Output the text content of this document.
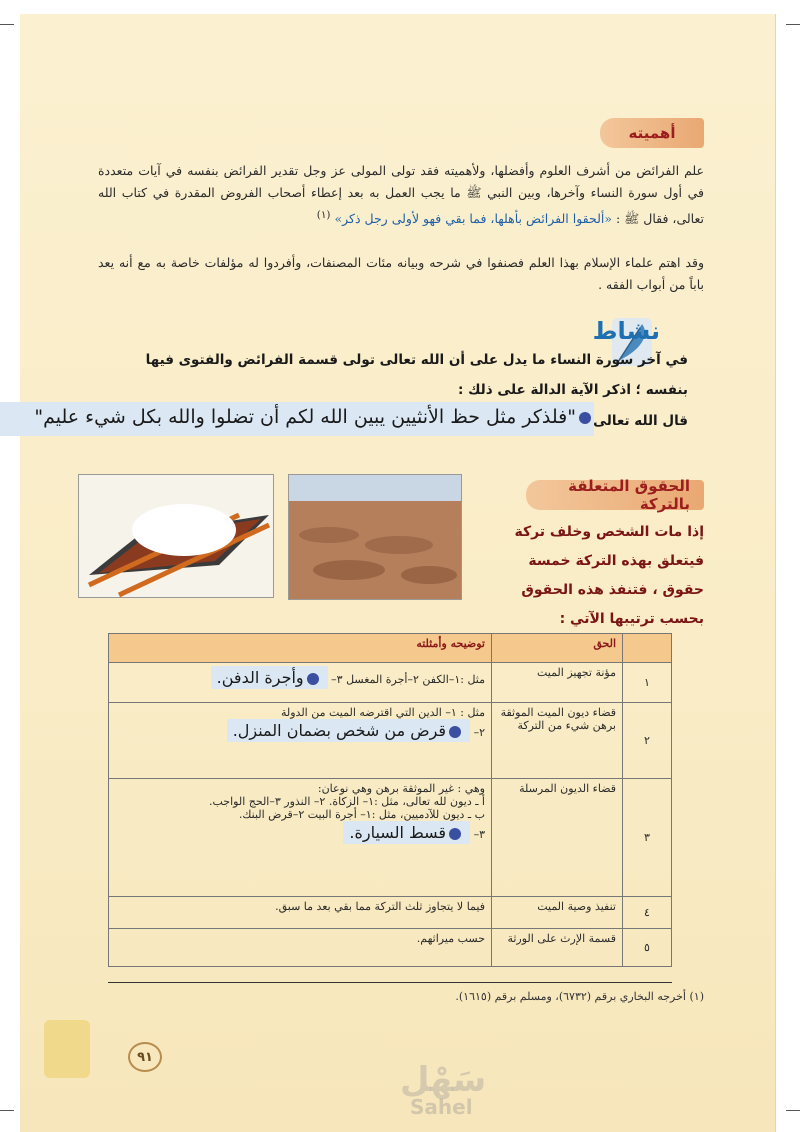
أهميته
علم الفرائض من أشرف العلوم وأفضلها، ولأهميته فقد تولى المولى عز وجل تقدير الفرائض بنفسه في آيات متعددة في أول سورة النساء وآخرها، وبين النبي ﷺ ما يجب العمل به بعد إعطاء أصحاب الفروض المقدرة في كتاب الله تعالى، فقال ﷺ : «ألحقوا الفرائض بأهلها، فما بقي فهو لأولى رجل ذكر» $^{(١)}$
وقد اهتم علماء الإسلام بهذا العلم فصنفوا في شرحه وبيانه مئات المصنفات، وأفردوا له مؤلفات خاصة به مع أنه يعد باباً من أبواب الفقه .
نشاط
في آخر سورة النساء ما يدل على أن الله تعالى تولى قسمة الفرائض والفتوى فيها
بنفسه ؛ اذكر الآية الدالة على ذلك :
قال الله تعالى
"فلذكر مثل حظ الأنثيين يبين الله لكم أن تضلوا والله بكل شيء عليم"
الحقوق المتعلقة بالتركة
إذا مات الشخص وخلف تركة فيتعلق بهذه التركة خمسة حقوق ، فتنفذ هذه الحقوق بحسب ترتيبها الآتي :
	الحق	توضيحه وأمثلته
١	مؤنة تجهيز الميت	مثل :١–الكفن ٢–أجرة المغسل ٣– وأجرة الدفن.
٢	قضاء ديون الميت الموثقة برهن شيء من التركة	مثل : ١– الدين التي اقترضه الميت من الدولة
٢– قرض من شخص بضمان المنزل.

٣	قضاء الديون المرسلة	وهي : غير الموثقة برهن وهي نوعان:
أ ـ ديون لله تعالى، مثل :١– الزكاة. ٢– النذور ٣–الحج الواجب.
ب ـ ديون للآدميين، مثل :١– أجرة البيت ٢–قرض البنك.
٣– قسط السيارة.

٤	تنفيذ وصية الميت	فيما لا يتجاوز ثلث التركة مما بقي بعد ما سبق.
٥	قسمة الإرث على الورثة	حسب ميراثهم.
(١) أخرجه البخاري برقم (٦٧٣٢)، ومسلم برقم (١٦١٥).
٩١
سَهْل
Sahel
